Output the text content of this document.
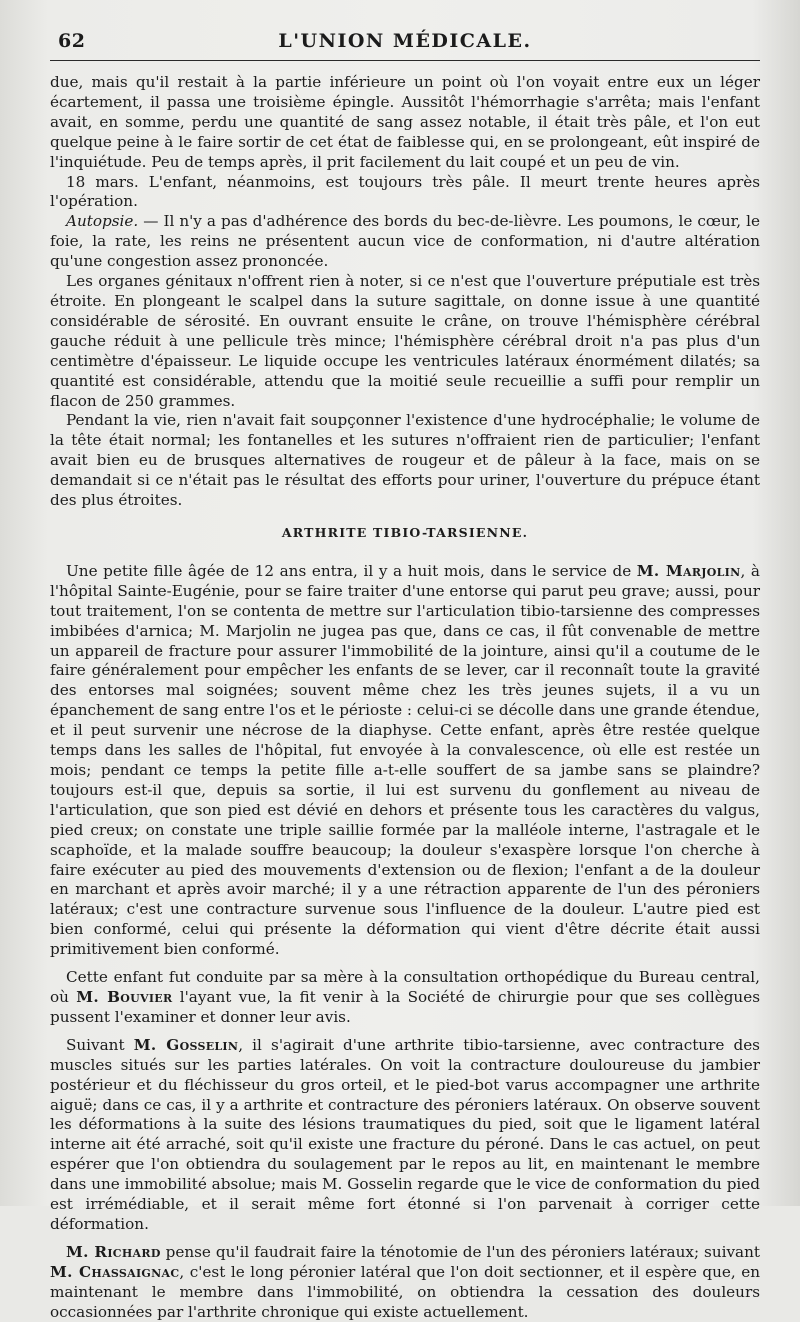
62	L'UNION MÉDICALE.

due, mais qu'il restait à la partie inférieure un point où l'on voyait entre eux un léger écartement, il passa une troisième épingle. Aussitôt l'hémorrhagie s'arrêta; mais l'enfant avait, en somme, perdu une quantité de sang assez notable, il était très pâle, et l'on eut quelque peine à le faire sortir de cet état de faiblesse qui, en se prolongeant, eût inspiré de l'inquiétude. Peu de temps après, il prit facilement du lait coupé et un peu de vin.

18 mars. L'enfant, néanmoins, est toujours très pâle. Il meurt trente heures après l'opération.

Autopsie. — Il n'y a pas d'adhérence des bords du bec-de-lièvre. Les poumons, le cœur, le foie, la rate, les reins ne présentent aucun vice de conformation, ni d'autre altération qu'une congestion assez prononcée.

Les organes génitaux n'offrent rien à noter, si ce n'est que l'ouverture préputiale est très étroite. En plongeant le scalpel dans la suture sagittale, on donne issue à une quantité considérable de sérosité. En ouvrant ensuite le crâne, on trouve l'hémisphère cérébral gauche réduit à une pellicule très mince; l'hémisphère cérébral droit n'a pas plus d'un centimètre d'épaisseur. Le liquide occupe les ventricules latéraux énormément dilatés; sa quantité est considérable, attendu que la moitié seule recueillie a suffi pour remplir un flacon de 250 grammes.

Pendant la vie, rien n'avait fait soupçonner l'existence d'une hydrocéphalie; le volume de la tête était normal; les fontanelles et les sutures n'offraient rien de particulier; l'enfant avait bien eu de brusques alternatives de rougeur et de pâleur à la face, mais on se demandait si ce n'était pas le résultat des efforts pour uriner, l'ouverture du prépuce étant des plus étroites.

ARTHRITE TIBIO-TARSIENNE.

Une petite fille âgée de 12 ans entra, il y a huit mois, dans le service de M. Marjolin, à l'hôpital Sainte-Eugénie, pour se faire traiter d'une entorse qui parut peu grave; aussi, pour tout traitement, l'on se contenta de mettre sur l'articulation tibio-tarsienne des compresses imbibées d'arnica; M. Marjolin ne jugea pas que, dans ce cas, il fût convenable de mettre un appareil de fracture pour assurer l'immobilité de la jointure, ainsi qu'il a coutume de le faire généralement pour empêcher les enfants de se lever, car il reconnaît toute la gravité des entorses mal soignées; souvent même chez les très jeunes sujets, il a vu un épanchement de sang entre l'os et le périoste : celui-ci se décolle dans une grande étendue, et il peut survenir une nécrose de la diaphyse. Cette enfant, après être restée quelque temps dans les salles de l'hôpital, fut envoyée à la convalescence, où elle est restée un mois; pendant ce temps la petite fille a-t-elle souffert de sa jambe sans se plaindre? toujours est-il que, depuis sa sortie, il lui est survenu du gonflement au niveau de l'articulation, que son pied est dévié en dehors et présente tous les caractères du valgus, pied creux; on constate une triple saillie formée par la malléole interne, l'astragale et le scaphoïde, et la malade souffre beaucoup; la douleur s'exaspère lorsque l'on cherche à faire exécuter au pied des mouvements d'extension ou de flexion; l'enfant a de la douleur en marchant et après avoir marché; il y a une rétraction apparente de l'un des péroniers latéraux; c'est une contracture survenue sous l'influence de la douleur. L'autre pied est bien conformé, celui qui présente la déformation qui vient d'être décrite était aussi primitivement bien conformé.

Cette enfant fut conduite par sa mère à la consultation orthopédique du Bureau central, où M. Bouvier l'ayant vue, la fit venir à la Société de chirurgie pour que ses collègues pussent l'examiner et donner leur avis.

Suivant M. Gosselin, il s'agirait d'une arthrite tibio-tarsienne, avec contracture des muscles situés sur les parties latérales. On voit la contracture douloureuse du jambier postérieur et du fléchisseur du gros orteil, et le pied-bot varus accompagner une arthrite aiguë; dans ce cas, il y a arthrite et contracture des péroniers latéraux. On observe souvent les déformations à la suite des lésions traumatiques du pied, soit que le ligament latéral interne ait été arraché, soit qu'il existe une fracture du péroné. Dans le cas actuel, on peut espérer que l'on obtiendra du soulagement par le repos au lit, en maintenant le membre dans une immobilité absolue; mais M. Gosselin regarde que le vice de conformation du pied est irrémédiable, et il serait même fort étonné si l'on parvenait à corriger cette déformation.

M. Richard pense qu'il faudrait faire la ténotomie de l'un des péroniers latéraux; suivant M. Chassaignac, c'est le long péronier latéral que l'on doit sectionner, et il espère que, en maintenant le membre dans l'immobilité, on obtiendra la cessation des douleurs occasionnées par l'arthrite chronique qui existe actuellement.
